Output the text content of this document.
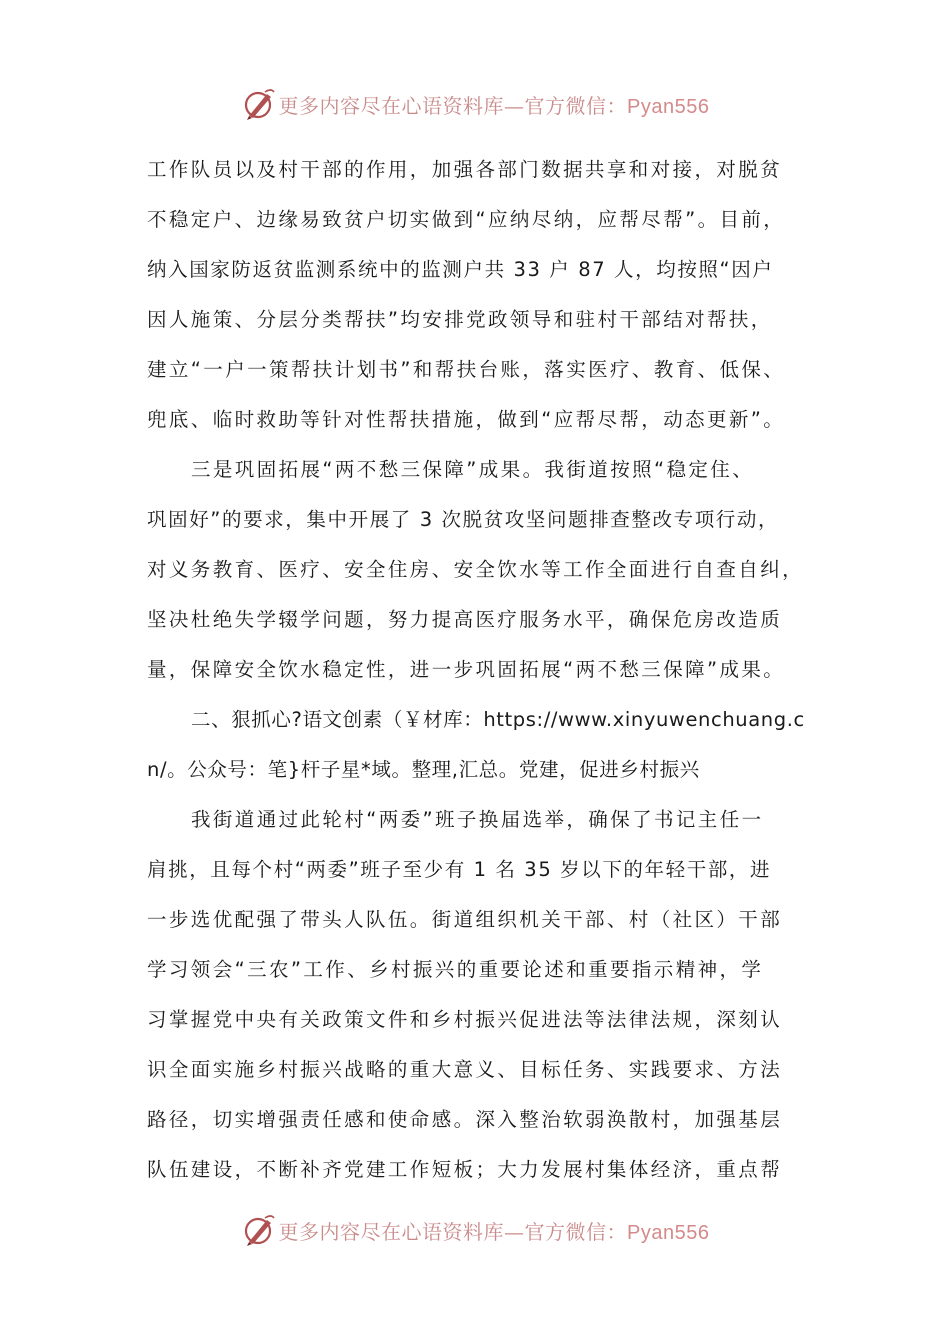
更多内容尽在心语资料库—官方微信：Pyan556
工作队员以及村干部的作用，加强各部门数据共享和对接，对脱贫
不稳定户、边缘易致贫户切实做到“应纳尽纳，应帮尽帮”。目前，
纳入国家防返贫监测系统中的监测户共 33 户 87 人，均按照“因户
因人施策、分层分类帮扶”均安排党政领导和驻村干部结对帮扶，
建立“一户一策帮扶计划书”和帮扶台账，落实医疗、教育、低保、
兜底、临时救助等针对性帮扶措施，做到“应帮尽帮，动态更新”。
三是巩固拓展“两不愁三保障”成果。我街道按照“稳定住、
巩固好”的要求，集中开展了 3 次脱贫攻坚问题排查整改专项行动，
对义务教育、医疗、安全住房、安全饮水等工作全面进行自查自纠，
坚决杜绝失学辍学问题，努力提高医疗服务水平，确保危房改造质
量，保障安全饮水稳定性，进一步巩固拓展“两不愁三保障”成果。
二、狠抓心?语文创素（￥材库：https://www.xinyuwenchuang.c
n/。公众号：笔}杆子星*域。整理,汇总。党建，促进乡村振兴
我街道通过此轮村“两委”班子换届选举，确保了书记主任一
肩挑，且每个村“两委”班子至少有 1 名 35 岁以下的年轻干部，进
一步选优配强了带头人队伍。街道组织机关干部、村（社区）干部
学习领会“三农”工作、乡村振兴的重要论述和重要指示精神，学
习掌握党中央有关政策文件和乡村振兴促进法等法律法规，深刻认
识全面实施乡村振兴战略的重大意义、目标任务、实践要求、方法
路径，切实增强责任感和使命感。深入整治软弱涣散村，加强基层
队伍建设，不断补齐党建工作短板；大力发展村集体经济，重点帮
更多内容尽在心语资料库—官方微信：Pyan556
